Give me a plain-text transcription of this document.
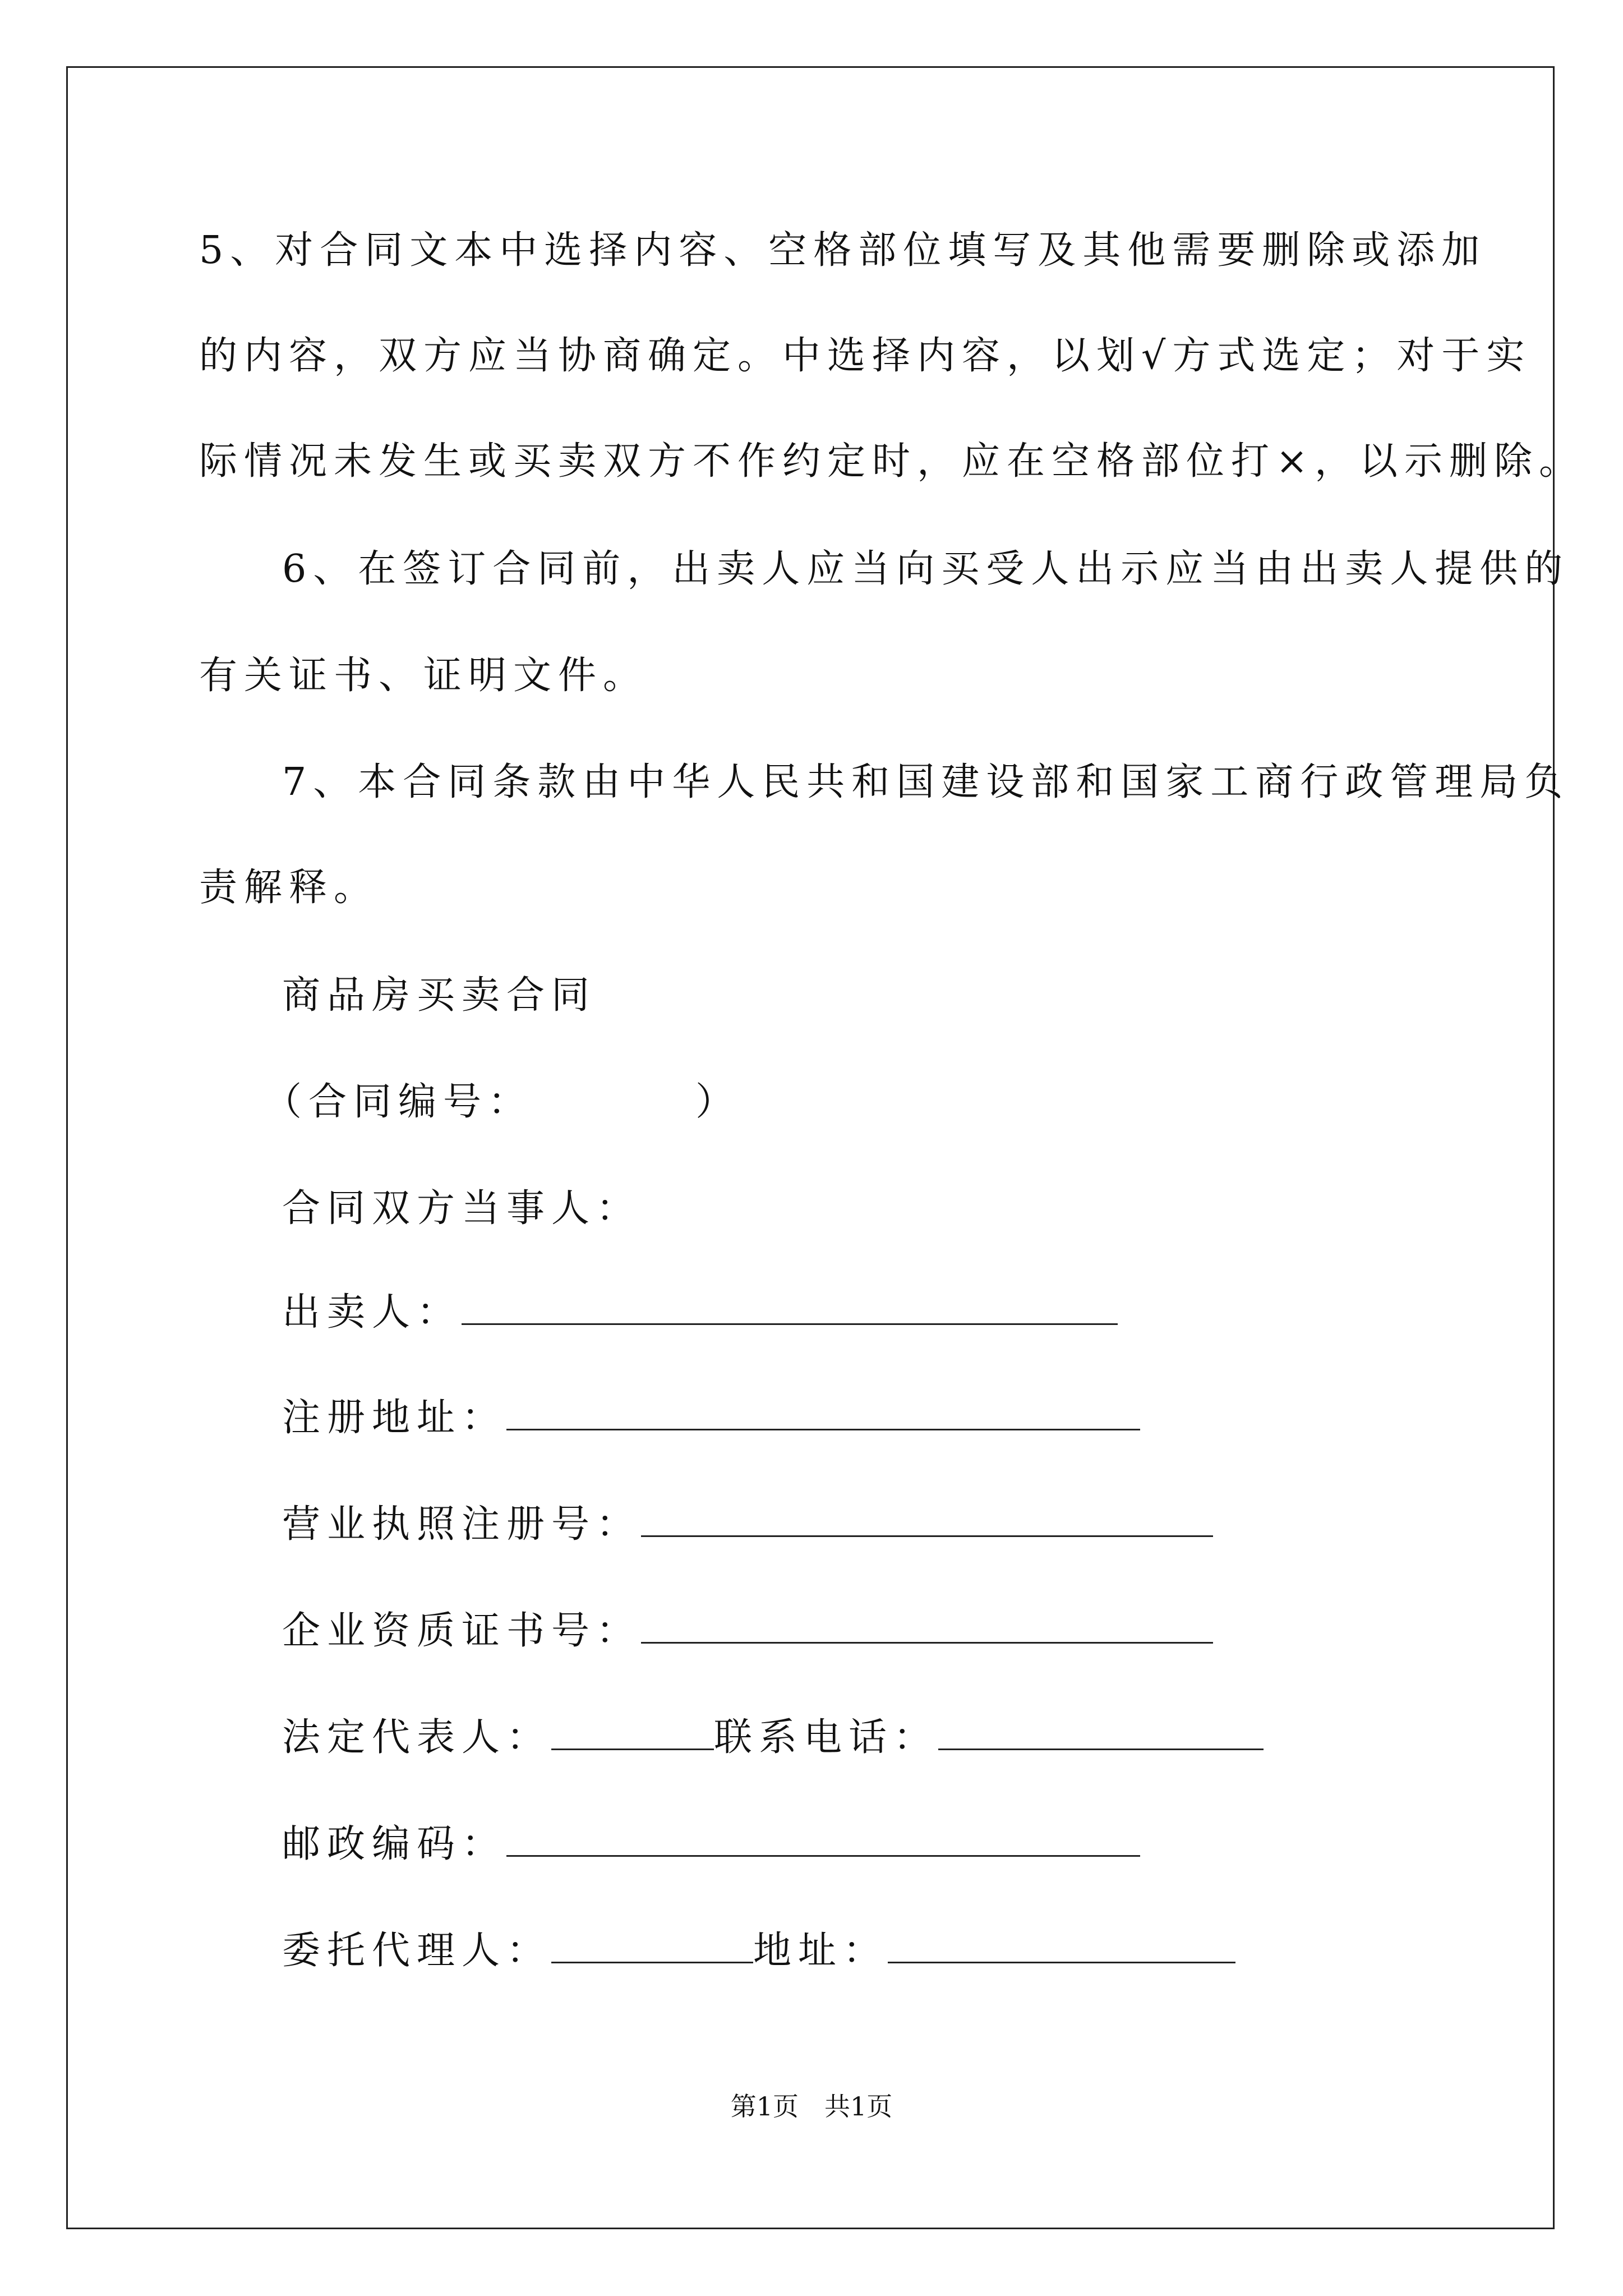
5、对合同文本中选择内容、空格部位填写及其他需要删除或添加
的内容，双方应当协商确定。中选择内容，以划√方式选定；对于实
际情况未发生或买卖双方不作约定时，应在空格部位打×，以示删除。
6、在签订合同前，出卖人应当向买受人出示应当由出卖人提供的
有关证书、证明文件。
7、本合同条款由中华人民共和国建设部和国家工商行政管理局负
责解释。
商品房买卖合同
（合同编号：	）
合同双方当事人：
出卖人：
注册地址：
营业执照注册号：
企业资质证书号：
法定代表人：	联系电话：
邮政编码：
委托代理人：	地址：
第1页　共1页
